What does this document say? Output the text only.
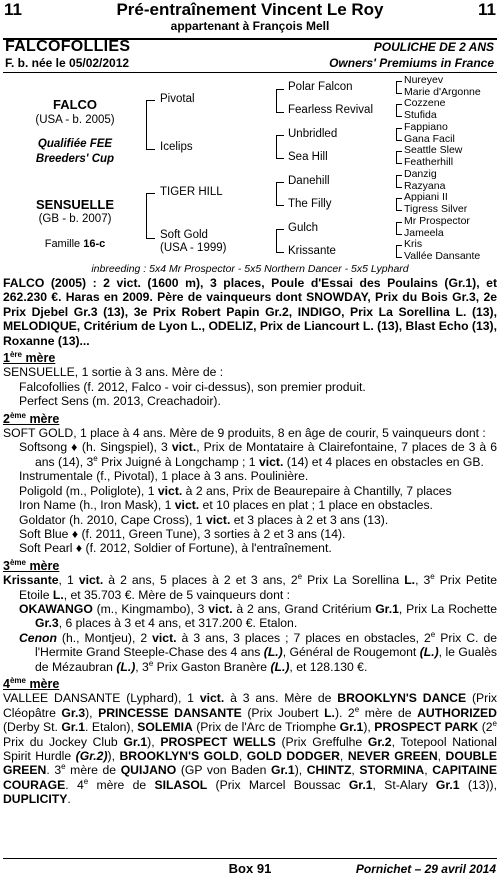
11	Pré-entraînement Vincent Le Roy	11
appartenant à François Mell
FALCOFOLLIES
F. b. née le 05/02/2012
POULICHE DE 2 ANS
Owners' Premiums in France
FALCO
(USA - b. 2005)
Qualifiée FEE
Breeders' Cup
SENSUELLE
(GB - b. 2007)
Famille 16-c
Pivotal
Icelips
TIGER HILL
Soft Gold
(USA - 1999)
Polar Falcon
Fearless Revival
Unbridled
Sea Hill
Danehill
The Filly
Gulch
Krissante
Nureyev
Marie d'Argonne
Cozzene
Stufida
Fappiano
Gana Facil
Seattle Slew
Featherhill
Danzig
Razyana
Appiani II
Tigress Silver
Mr Prospector
Jameela
Kris
Vallée Dansante
inbreeding : 5x4 Mr Prospector - 5x5 Northern Dancer - 5x5 Lyphard

FALCO (2005) : 2 vict. (1600 m), 3 places, Poule d'Essai des Poulains (Gr.1), et 262.230 €. Haras en 2009. Père de vainqueurs dont SNOWDAY, Prix du Bois Gr.3, 2e Prix Djebel Gr.3 (13), 3e Prix Robert Papin Gr.2, INDIGO, Prix La Sorellina L. (13), MELODIQUE, Critérium de Lyon L., ODELIZ, Prix de Liancourt L. (13), Blast Echo (13), Roxanne (13)...

1ère mère

SENSUELLE, 1 sortie à 3 ans. Mère de :

Falcofollies (f. 2012, Falco - voir ci-dessus), son premier produit.

Perfect Sens (m. 2013, Creachadoir).

2ème mère

SOFT GOLD, 1 place à 4 ans. Mère de 9 produits, 8 en âge de courir, 5 vainqueurs dont :

Softsong ♦ (h. Singspiel), 3 vict., Prix de Montataire à Clairefontaine, 7 places de 3 à 6 ans (14), 3e Prix Juigné à Longchamp ; 1 vict. (14) et 4 places en obstacles en GB.

Instrumentale (f., Pivotal), 1 place à 3 ans. Poulinière.

Poligold (m., Poliglote), 1 vict. à 2 ans, Prix de Beaurepaire à Chantilly, 7 places

Iron Name (h., Iron Mask), 1 vict. et 10 places en plat ; 1 place en obstacles.

Goldator (h. 2010, Cape Cross), 1 vict. et 3 places à 2 et 3 ans (13).

Soft Blue ♦ (f. 2011, Green Tune), 3 sorties à 2 et 3 ans (14).

Soft Pearl ♦ (f. 2012, Soldier of Fortune), à l'entraînement.

3ème mère

Krissante, 1 vict. à 2 ans, 5 places à 2 et 3 ans, 2e Prix La Sorellina L., 3e Prix Petite Etoile L., et 35.703 €. Mère de 5 vainqueurs dont :

OKAWANGO (m., Kingmambo), 3 vict. à 2 ans, Grand Critérium Gr.1, Prix La Rochette Gr.3, 6 places à 3 et 4 ans, et 317.200 €. Etalon.

Cenon (h., Montjeu), 2 vict. à 3 ans, 3 places ; 7 places en obstacles, 2e Prix C. de l'Hermite Grand Steeple-Chase des 4 ans (L.), Général de Rougemont (L.), le Gualès de Mézaubran (L.), 3e Prix Gaston Branère (L.), et 128.130 €.

4ème mère

VALLEE DANSANTE (Lyphard), 1 vict. à 3 ans. Mère de BROOKLYN'S DANCE (Prix Cléopâtre Gr.3), PRINCESSE DANSANTE (Prix Joubert L.). 2e mère de AUTHORIZED (Derby St. Gr.1. Etalon), SOLEMIA (Prix de l'Arc de Triomphe Gr.1), PROSPECT PARK (2e Prix du Jockey Club Gr.1), PROSPECT WELLS (Prix Greffulhe Gr.2, Totepool National Spirit Hurdle (Gr.2)), BROOKLYN'S GOLD, GOLD DODGER, NEVER GREEN, DOUBLE GREEN. 3e mère de QUIJANO (GP von Baden Gr.1), CHINTZ, STORMINA, CAPITAINE COURAGE. 4e mère de SILASOL (Prix Marcel Boussac Gr.1, St-Alary Gr.1 (13)), DUPLICITY.

Box 91	Pornichet – 29 avril 2014
